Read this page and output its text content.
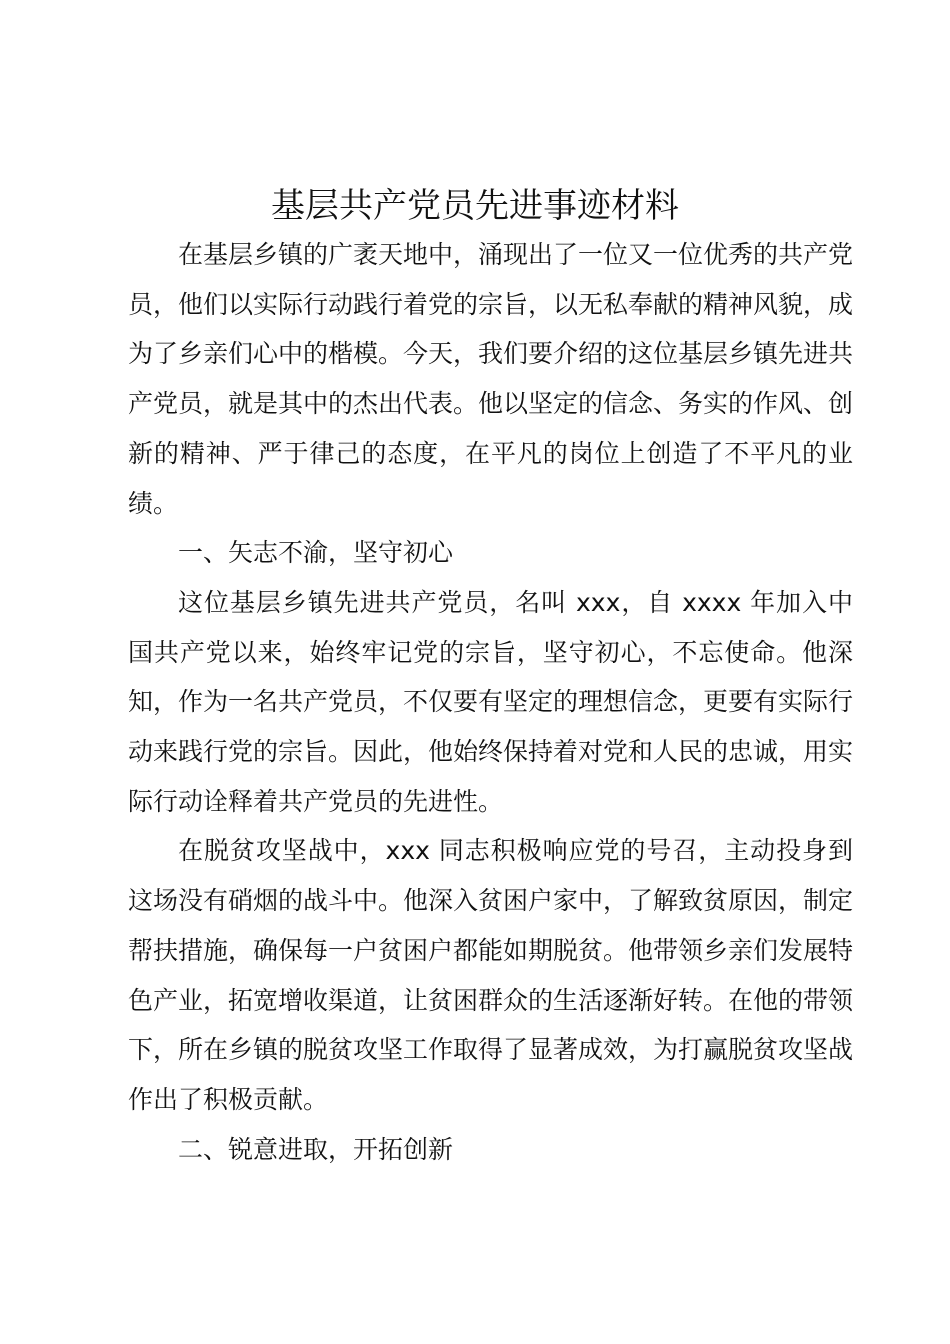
基层共产党员先进事迹材料

在基层乡镇的广袤天地中，涌现出了一位又一位优秀的共产党员，他们以实际行动践行着党的宗旨，以无私奉献的精神风貌，成为了乡亲们心中的楷模。今天，我们要介绍的这位基层乡镇先进共产党员，就是其中的杰出代表。他以坚定的信念、务实的作风、创新的精神、严于律己的态度，在平凡的岗位上创造了不平凡的业绩。

一、矢志不渝，坚守初心

这位基层乡镇先进共产党员，名叫 xxx，自 xxxx 年加入中国共产党以来，始终牢记党的宗旨，坚守初心，不忘使命。他深知，作为一名共产党员，不仅要有坚定的理想信念，更要有实际行动来践行党的宗旨。因此，他始终保持着对党和人民的忠诚，用实际行动诠释着共产党员的先进性。

在脱贫攻坚战中，xxx 同志积极响应党的号召，主动投身到这场没有硝烟的战斗中。他深入贫困户家中，了解致贫原因，制定帮扶措施，确保每一户贫困户都能如期脱贫。他带领乡亲们发展特色产业，拓宽增收渠道，让贫困群众的生活逐渐好转。在他的带领下，所在乡镇的脱贫攻坚工作取得了显著成效，为打赢脱贫攻坚战作出了积极贡献。

二、锐意进取，开拓创新
